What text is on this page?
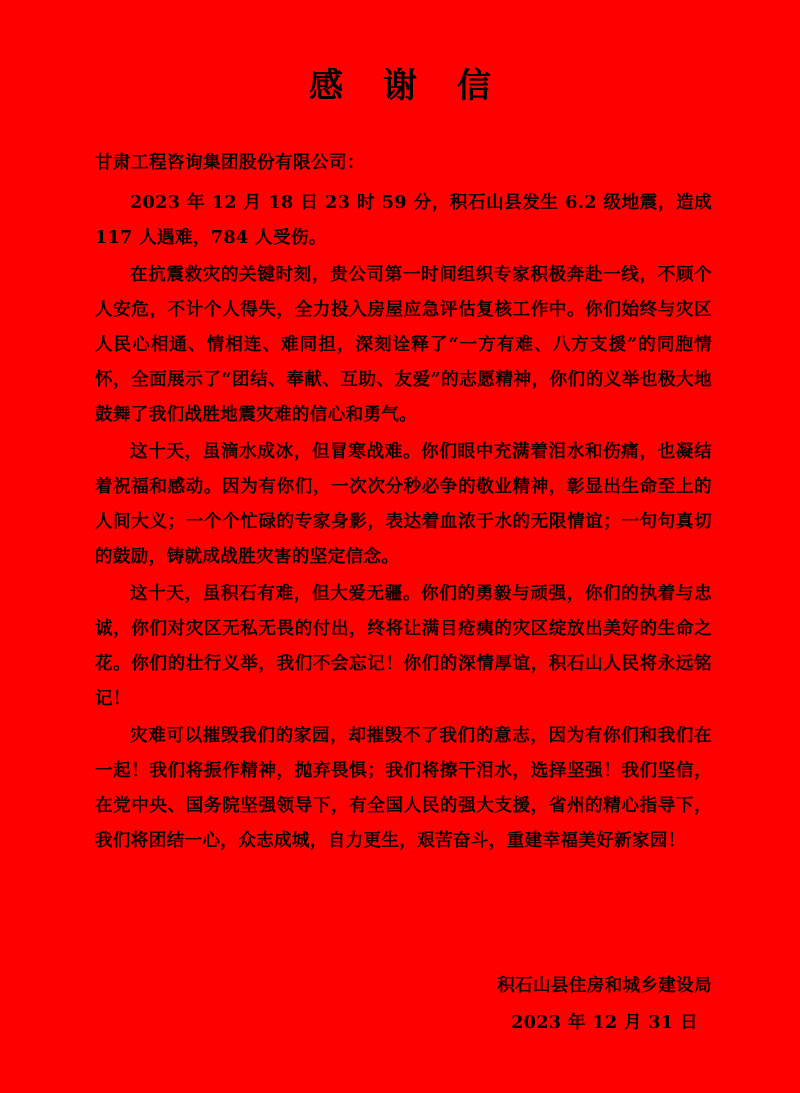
感 谢 信
甘肃工程咨询集团股份有限公司：

2023 年 12 月 18 日 23 时 59 分，积石山县发生 6.2 级地震，造成 117 人遇难，784 人受伤。

在抗震救灾的关键时刻，贵公司第一时间组织专家积极奔赴一线，不顾个人安危，不计个人得失，全力投入房屋应急评估复核工作中。你们始终与灾区人民心相通、情相连、难同担，深刻诠释了“一方有难、八方支援”的同胞情怀，全面展示了“团结、奉献、互助、友爱”的志愿精神，你们的义举也极大地鼓舞了我们战胜地震灾难的信心和勇气。

这十天，虽滴水成冰，但冒寒战难。你们眼中充满着泪水和伤痛，也凝结着祝福和感动。因为有你们，一次次分秒必争的敬业精神，彰显出生命至上的人间大义；一个个忙碌的专家身影，表达着血浓于水的无限情谊；一句句真切的鼓励，铸就成战胜灾害的坚定信念。

这十天，虽积石有难，但大爱无疆。你们的勇毅与顽强，你们的执着与忠诚，你们对灾区无私无畏的付出，终将让满目疮痍的灾区绽放出美好的生命之花。你们的壮行义举，我们不会忘记！你们的深情厚谊，积石山人民将永远铭记！

灾难可以摧毁我们的家园，却摧毁不了我们的意志，因为有你们和我们在一起！我们将振作精神，抛弃畏惧；我们将擦干泪水，选择坚强！我们坚信，在党中央、国务院坚强领导下，有全国人民的强大支援，省州的精心指导下，我们将团结一心，众志成城，自力更生，艰苦奋斗，重建幸福美好新家园！

积石山县住房和城乡建设局
2023 年 12 月 31 日
